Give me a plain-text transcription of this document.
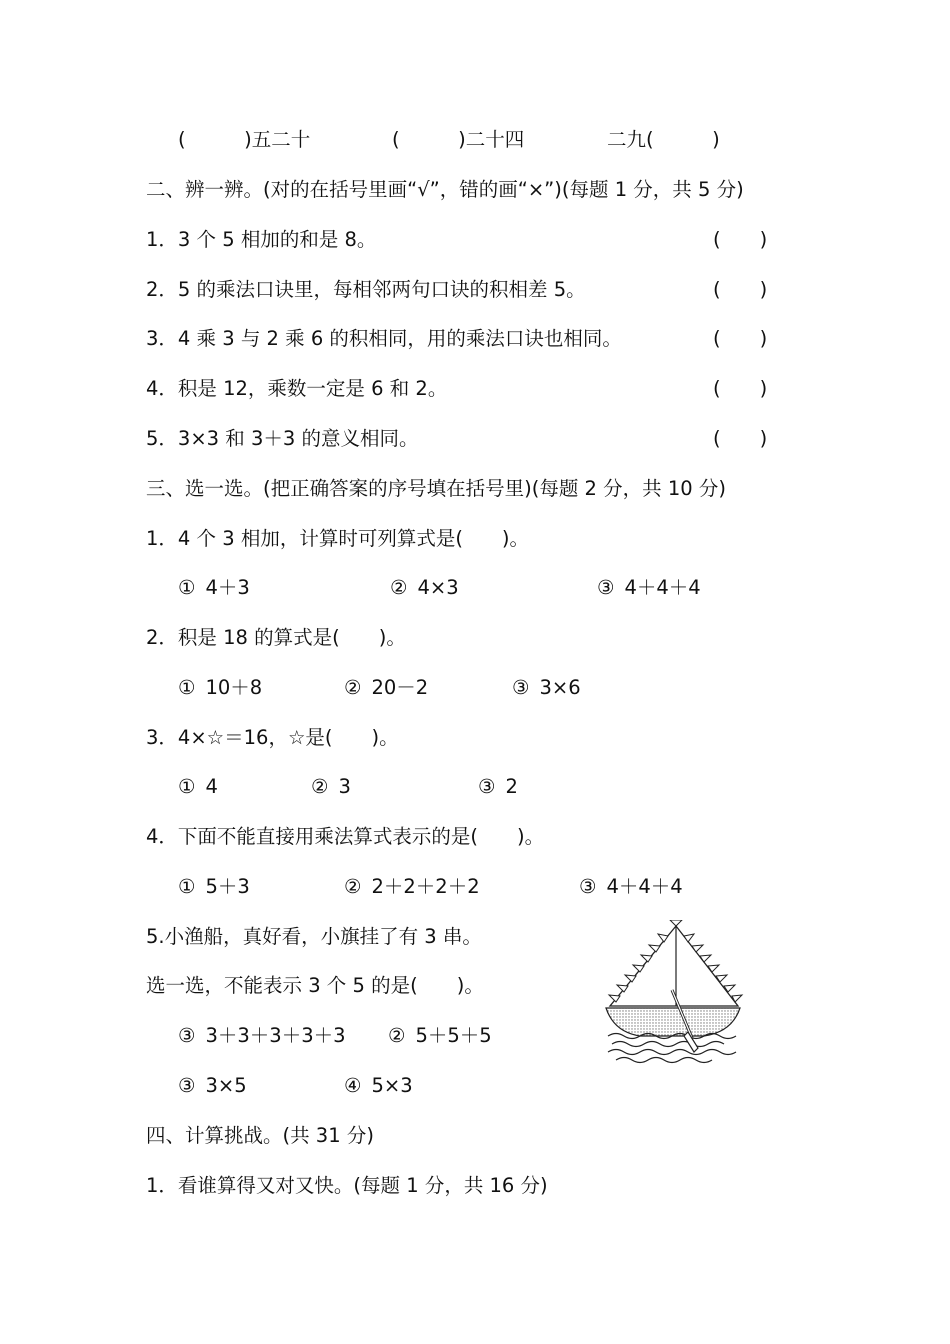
(　　　)五二十	(　　　)二十四	二九(　　　)
二、辨一辨。(对的在括号里画“√”，错的画“×”)(每题 1 分，共 5 分)
1．3 个 5 相加的和是 8。	(　　)
2．5 的乘法口诀里，每相邻两句口诀的积相差 5。	(　　)
3．4 乘 3 与 2 乘 6 的积相同，用的乘法口诀也相同。	(　　)
4．积是 12，乘数一定是 6 和 2。	(　　)
5．3×3 和 3＋3 的意义相同。	(　　)
三、选一选。(把正确答案的序号填在括号里)(每题 2 分，共 10 分)
1．4 个 3 相加，计算时可列算式是(　　)。
① 4＋3	② 4×3	③ 4＋4＋4
2．积是 18 的算式是(　　)。
① 10＋8	② 20－2	③ 3×6
3．4×☆＝16，☆是(　　)。
① 4	② 3	③ 2
4．下面不能直接用乘法算式表示的是(　　)。
① 5＋3	② 2＋2＋2＋2	③ 4＋4＋4
5.小渔船，真好看，小旗挂了有 3 串。
选一选，不能表示 3 个 5 的是(　　)。
③ 3＋3＋3＋3＋3 ② 5＋5＋5
③ 3×5	④ 5×3
四、计算挑战。(共 31 分)
1．看谁算得又对又快。(每题 1 分，共 16 分)
